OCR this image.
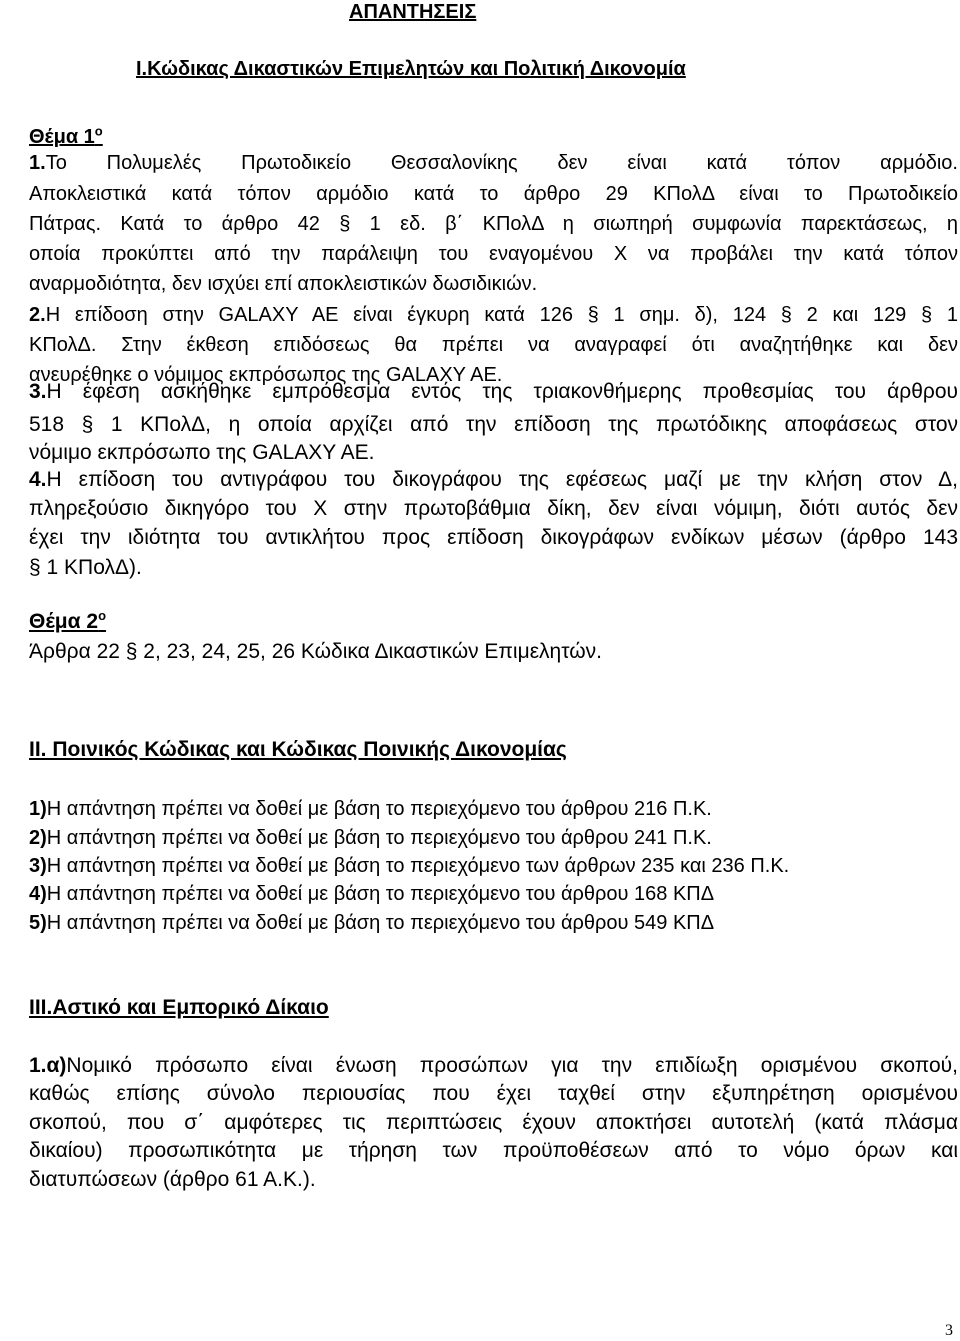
ΑΠΑΝΤΗΣΕΙΣ
Ι.Κώδικας Δικαστικών Επιμελητών και Πολιτική Δικονομία
Θέμα $1^o$
1.Το Πολυμελές Πρωτοδικείο Θεσσαλονίκης δεν είναι κατά τόπον αρμόδιο.
Αποκλειστικά κατά τόπον αρμόδιο κατά το άρθρο 29 ΚΠολΔ είναι το Πρωτοδικείο
Πάτρας. Κατά το άρθρο 42 § 1 εδ. β΄ ΚΠολΔ η σιωπηρή συμφωνία παρεκτάσεως, η
οποία προκύπτει από την παράλειψη του εναγομένου Χ να προβάλει την κατά τόπον
αναρμοδιότητα, δεν ισχύει επί αποκλειστικών δωσιδικιών.
2.Η επίδοση στην GALAXY AE είναι έγκυρη κατά 126 § 1 σημ. δ), 124 § 2 και 129 § 1
ΚΠολΔ. Στην έκθεση επιδόσεως θα πρέπει να αναγραφεί ότι αναζητήθηκε και δεν
ανευρέθηκε ο νόμιμος εκπρόσωπος της GALAXY AE.
3.Η έφεση ασκήθηκε εμπρόθεσμα εντός της τριακονθήμερης προθεσμίας του άρθρου
518 § 1 ΚΠολΔ, η οποία αρχίζει από την επίδοση της πρωτόδικης αποφάσεως στον
νόμιμο εκπρόσωπο της GALAXY AE.
4.Η επίδοση του αντιγράφου του δικογράφου της εφέσεως μαζί με την κλήση στον Δ,
πληρεξούσιο δικηγόρο του Χ στην πρωτοβάθμια δίκη, δεν είναι νόμιμη, διότι αυτός δεν
έχει την ιδιότητα του αντικλήτου προς επίδοση δικογράφων ενδίκων μέσων (άρθρο 143
§ 1 ΚΠολΔ).
Θέμα $2^o$
Άρθρα 22 § 2, 23, 24, 25, 26 Κώδικα Δικαστικών Επιμελητών.
ΙΙ. Ποινικός Κώδικας και Κώδικας Ποινικής Δικονομίας
1)Η απάντηση πρέπει να δοθεί με βάση το περιεχόμενο του άρθρου 216 Π.Κ.
2)Η απάντηση πρέπει να δοθεί με βάση το περιεχόμενο του άρθρου 241 Π.Κ.
3)Η απάντηση πρέπει να δοθεί με βάση το περιεχόμενο των άρθρων 235 και 236 Π.Κ.
4)Η απάντηση πρέπει να δοθεί με βάση το περιεχόμενο του άρθρου 168 ΚΠΔ
5)Η απάντηση πρέπει να δοθεί με βάση το περιεχόμενο του άρθρου 549 ΚΠΔ
ΙΙΙ.Αστικό και Εμπορικό Δίκαιο
1.α)Νομικό πρόσωπο είναι ένωση προσώπων για την επιδίωξη ορισμένου σκοπού,
καθώς επίσης σύνολο περιουσίας που έχει ταχθεί στην εξυπηρέτηση ορισμένου
σκοπού, που σ΄ αμφότερες τις περιπτώσεις έχουν αποκτήσει αυτοτελή (κατά πλάσμα
δικαίου) προσωπικότητα με τήρηση των προϋποθέσεων από το νόμο όρων και
διατυπώσεων (άρθρο 61 Α.Κ.).
3
